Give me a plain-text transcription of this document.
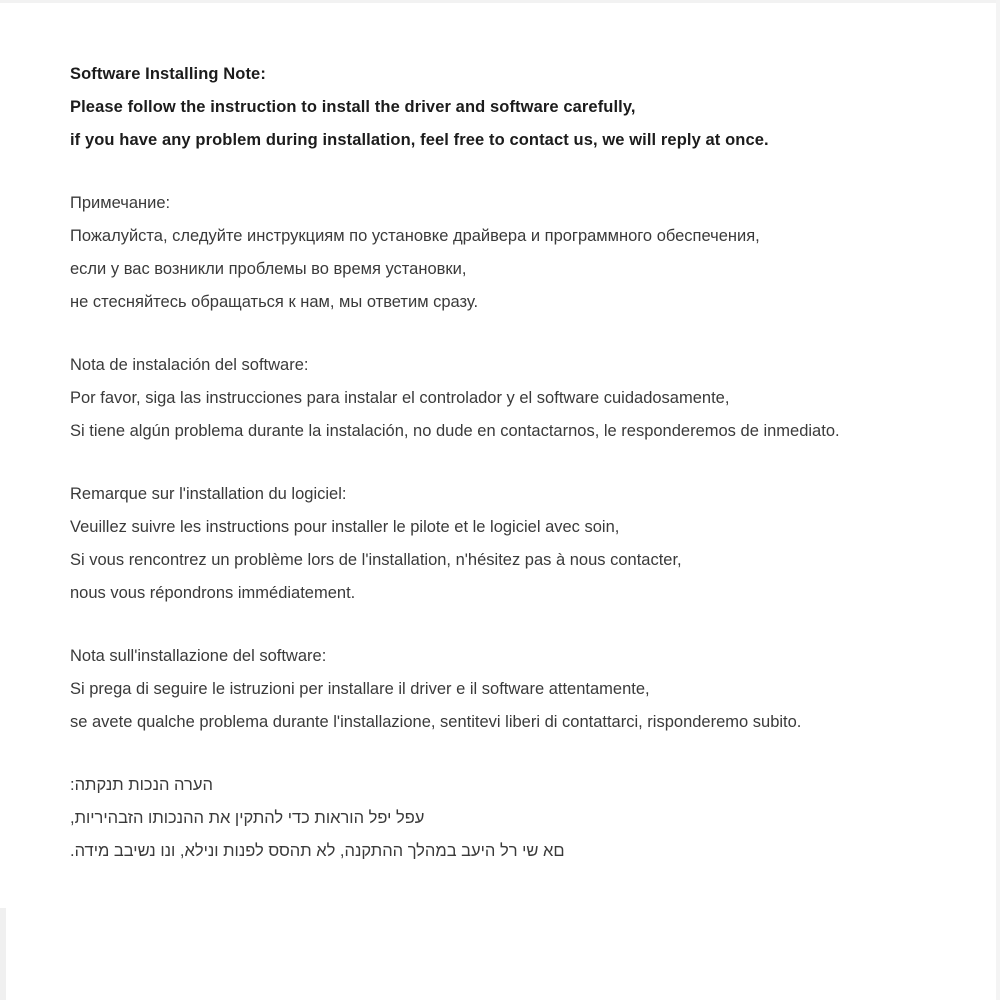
Software Installing Note:
Please follow the instruction to install the driver and software carefully,
if you have any problem during installation, feel free to contact us, we will reply at once.
Примечание:
Пожалуйста, следуйте инструкциям по установке драйвера и программного обеспечения,
если у вас возникли проблемы во время установки,
не стесняйтесь обращаться к нам, мы ответим сразу.
Nota de instalación del software:
Por favor, siga las instrucciones para instalar el controlador y el software cuidadosamente,
Si tiene algún problema durante la instalación, no dude en contactarnos, le responderemos de inmediato.
Remarque sur l'installation du logiciel:
Veuillez suivre les instructions pour installer le pilote et le logiciel avec soin,
Si vous rencontrez un problème lors de l'installation, n'hésitez pas à nous contacter,
nous vous répondrons immédiatement.
Nota sull'installazione del software:
Si prega di seguire le istruzioni per installare il driver e il software attentamente,
se avete qualche problema durante l'installazione, sentitevi liberi di contattarci, risponderemo subito.
הערה הנכות תנקתה:
עפל יפל הוראות כדי להתקין את ההנכותו הזבהיריות,
םא שי רל היעב במהלך ההתקנה, לא תהסס לפנות ונילא, ונו נשיבב מידה.
